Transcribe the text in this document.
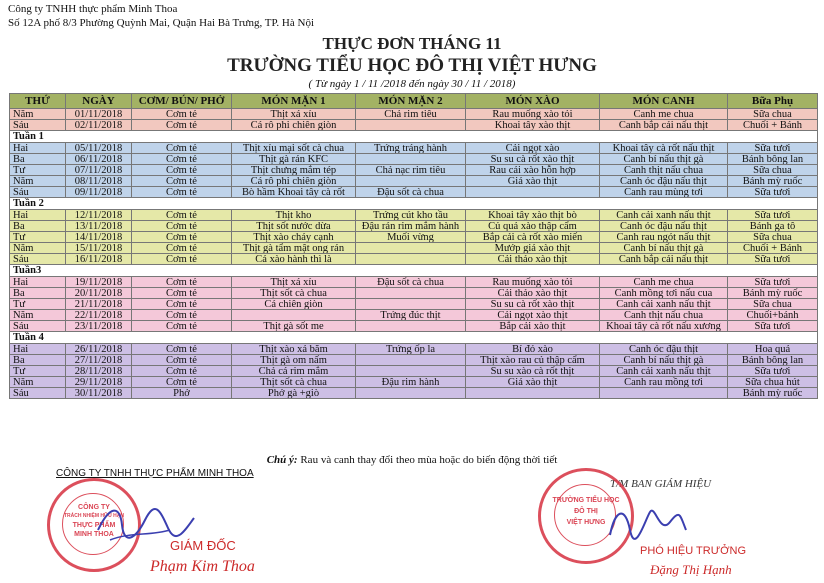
Công ty TNHH thực phẩm Minh Thoa
Số 12A phố 8/3 Phường Quỳnh Mai, Quận Hai Bà Trưng, TP. Hà Nội
THỰC ĐƠN THÁNG 11
TRƯỜNG TIỂU HỌC ĐÔ THỊ VIỆT HƯNG
( Từ ngày 1 / 11 /2018 đến ngày 30 / 11 / 2018)
THỨ	NGÀY	CƠM/ BÚN/ PHỞ	MÓN MẶN 1	MÓN MẶN 2	MÓN XÀO	MÓN CANH	Bữa Phụ
Năm	01/11/2018	Cơm tẻ	Thịt xá xíu	Chả rim tiêu	Rau muống xào tỏi	Canh me chua	Sữa chua
Sáu	02/11/2018	Cơm tẻ	Cá rô phi chiên giòn		Khoai tây xào thịt	Canh bắp cải nấu thịt	Chuối + Bánh
Tuần 1							
Hai	05/11/2018	Cơm tẻ	Thịt xíu mại sốt cà chua	Trứng tráng hành	Cải ngọt xào	Khoai tây cà rốt nấu thịt	Sữa tươi
Ba	06/11/2018	Cơm tẻ	Thịt gà rán KFC		Su su cà rốt xào thịt	Canh bí nấu thịt gà	Bánh bông lan
Tư	07/11/2018	Cơm tẻ	Thịt chưng mắm tép	Chả nạc rim tiêu	Rau cải xào hỗn hợp	Canh thịt nấu chua	Sữa chua
Năm	08/11/2018	Cơm tẻ	Cá rô phi chiên giòn		Giá xào thịt	Canh óc đậu nấu thịt	Bánh mỳ ruốc
Sáu	09/11/2018	Cơm tẻ	Bò hầm Khoai tây cà rốt	Đậu sốt cà chua		Canh rau mùng tơi	Sữa tươi
Tuần 2							
Hai	12/11/2018	Cơm tẻ	Thịt kho	Trứng cút kho tầu	Khoai tây xào thịt bò	Canh cải xanh nấu thịt	Sữa tươi
Ba	13/11/2018	Cơm tẻ	Thịt sốt nước dừa	Đậu rán rim mắm hành	Củ quả xào thập cẩm	Canh óc đậu nấu thịt	Bánh ga tô
Tư	14/11/2018	Cơm tẻ	Thịt xào cháy cạnh	Muối vừng	Bắp cải cà rốt xào miến	Canh rau ngót nấu thịt	Sữa chua
Năm	15/11/2018	Cơm tẻ	Thịt gà tẩm mật ong rán		Mướp giá xào thịt	Canh bí nấu thịt gà	Chuối + Bánh
Sáu	16/11/2018	Cơm tẻ	Cá xào hành thì là		Cải thảo xào thịt	Canh bắp cải nấu thịt	Sữa tươi
Tuần3							
Hai	19/11/2018	Cơm tẻ	Thịt xá xíu	Đậu sốt cà chua	Rau muống xào tỏi	Canh me chua	Sữa tươi
Ba	20/11/2018	Cơm tẻ	Thịt sốt cà chua		Cải thảo xào thịt	Canh mồng tơi nấu cua	Bánh mỳ ruốc
Tư	21/11/2018	Cơm tẻ	Cá chiên giòn		Su su cà rốt xào thịt	Canh cải xanh nấu thịt	Sữa chua
Năm	22/11/2018	Cơm tẻ		Trứng đúc thịt	Cải ngọt xào thịt	Canh thịt nấu chua	Chuối+bánh
Sáu	23/11/2018	Cơm tẻ	Thịt gà sốt me		Bắp cải xào thịt	Khoai tây cà rốt nấu xương	Sữa tươi
Tuần 4							
Hai	26/11/2018	Cơm tẻ	Thịt xào xả băm	Trứng ốp la	Bí đỏ xào	Canh óc đậu thịt	Hoa quả
Ba	27/11/2018	Cơm tẻ	Thịt gà om nấm		Thịt xào rau củ thập cẩm	Canh bí nấu thịt gà	Bánh bông lan
Tư	28/11/2018	Cơm tẻ	Chả cá rim mắm		Su su xào cà rốt thịt	Canh cải xanh nấu thịt	Sữa tươi
Năm	29/11/2018	Cơm tẻ	Thịt sốt cà chua	Đậu rim hành	Giá xào thịt	Canh rau mồng tơi	Sữa chua hút
Sáu	30/11/2018	Phở	Phở gà +giò				Bánh mỳ ruốc
Chú ý: Rau và canh thay đổi theo mùa hoặc do biến động thời tiết
CÔNG TY TNHH THỰC PHẨM MINH THOA
CÔNG TY
TRÁCH NHIỆM HỮU HẠN
THỰC PHẨM
MINH THOA
GIÁM ĐỐC
Phạm Kim Thoa
T/M BAN GIÁM HIỆU
TRƯỜNG TIỂU HỌC
ĐÔ THỊ
VIỆT HƯNG
PHÓ HIỆU TRƯỞNG
Đặng Thị Hạnh
